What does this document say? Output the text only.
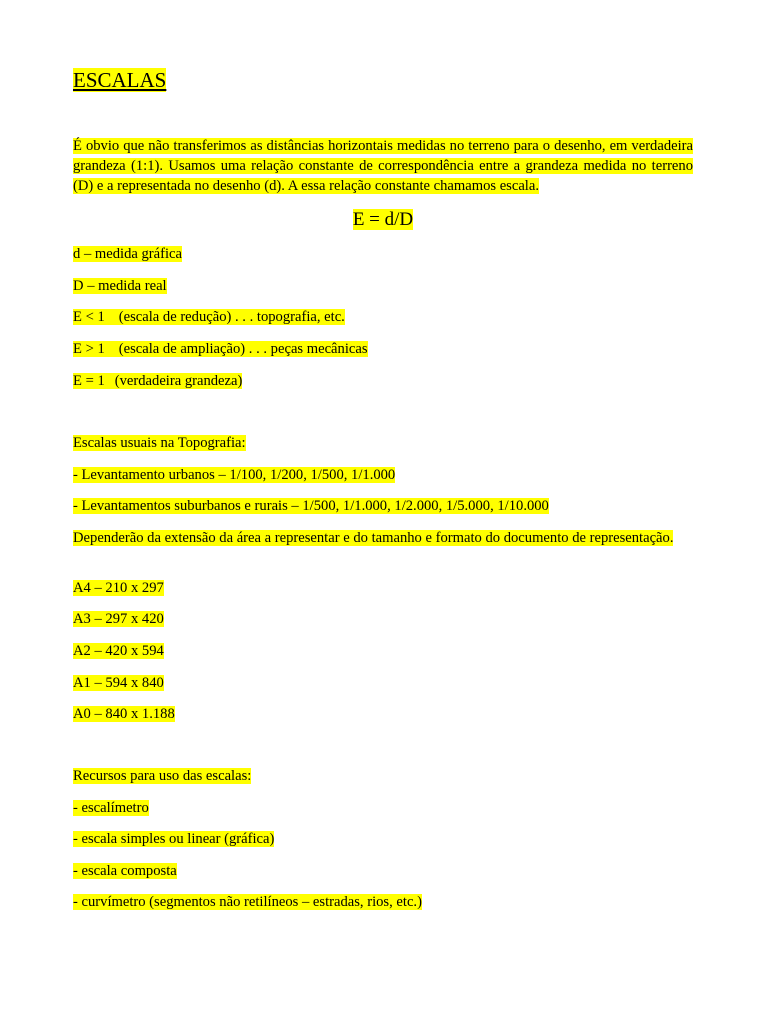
ESCALAS
É obvio que não transferimos as distâncias horizontais medidas no terreno para o desenho, em verdadeira grandeza (1:1). Usamos uma relação constante de correspondência entre a grandeza medida no terreno (D) e a representada no desenho (d). A essa relação constante chamamos escala.
E = d/D
d – medida gráfica
D – medida real
E < 1 (escala de redução) . . . topografia, etc.
E > 1 (escala de ampliação) . . . peças mecânicas
E = 1 (verdadeira grandeza)
Escalas usuais na Topografia:
- Levantamento urbanos – 1/100, 1/200, 1/500, 1/1.000
- Levantamentos suburbanos e rurais – 1/500, 1/1.000, 1/2.000, 1/5.000, 1/10.000
Dependerão da extensão da área a representar e do tamanho e formato do documento de representação.
A4 – 210 x 297
A3 – 297 x 420
A2 – 420 x 594
A1 – 594 x 840
A0 – 840 x 1.188
Recursos para uso das escalas:
- escalímetro
- escala simples ou linear (gráfica)
- escala composta
- curvímetro (segmentos não retilíneos – estradas, rios, etc.)
